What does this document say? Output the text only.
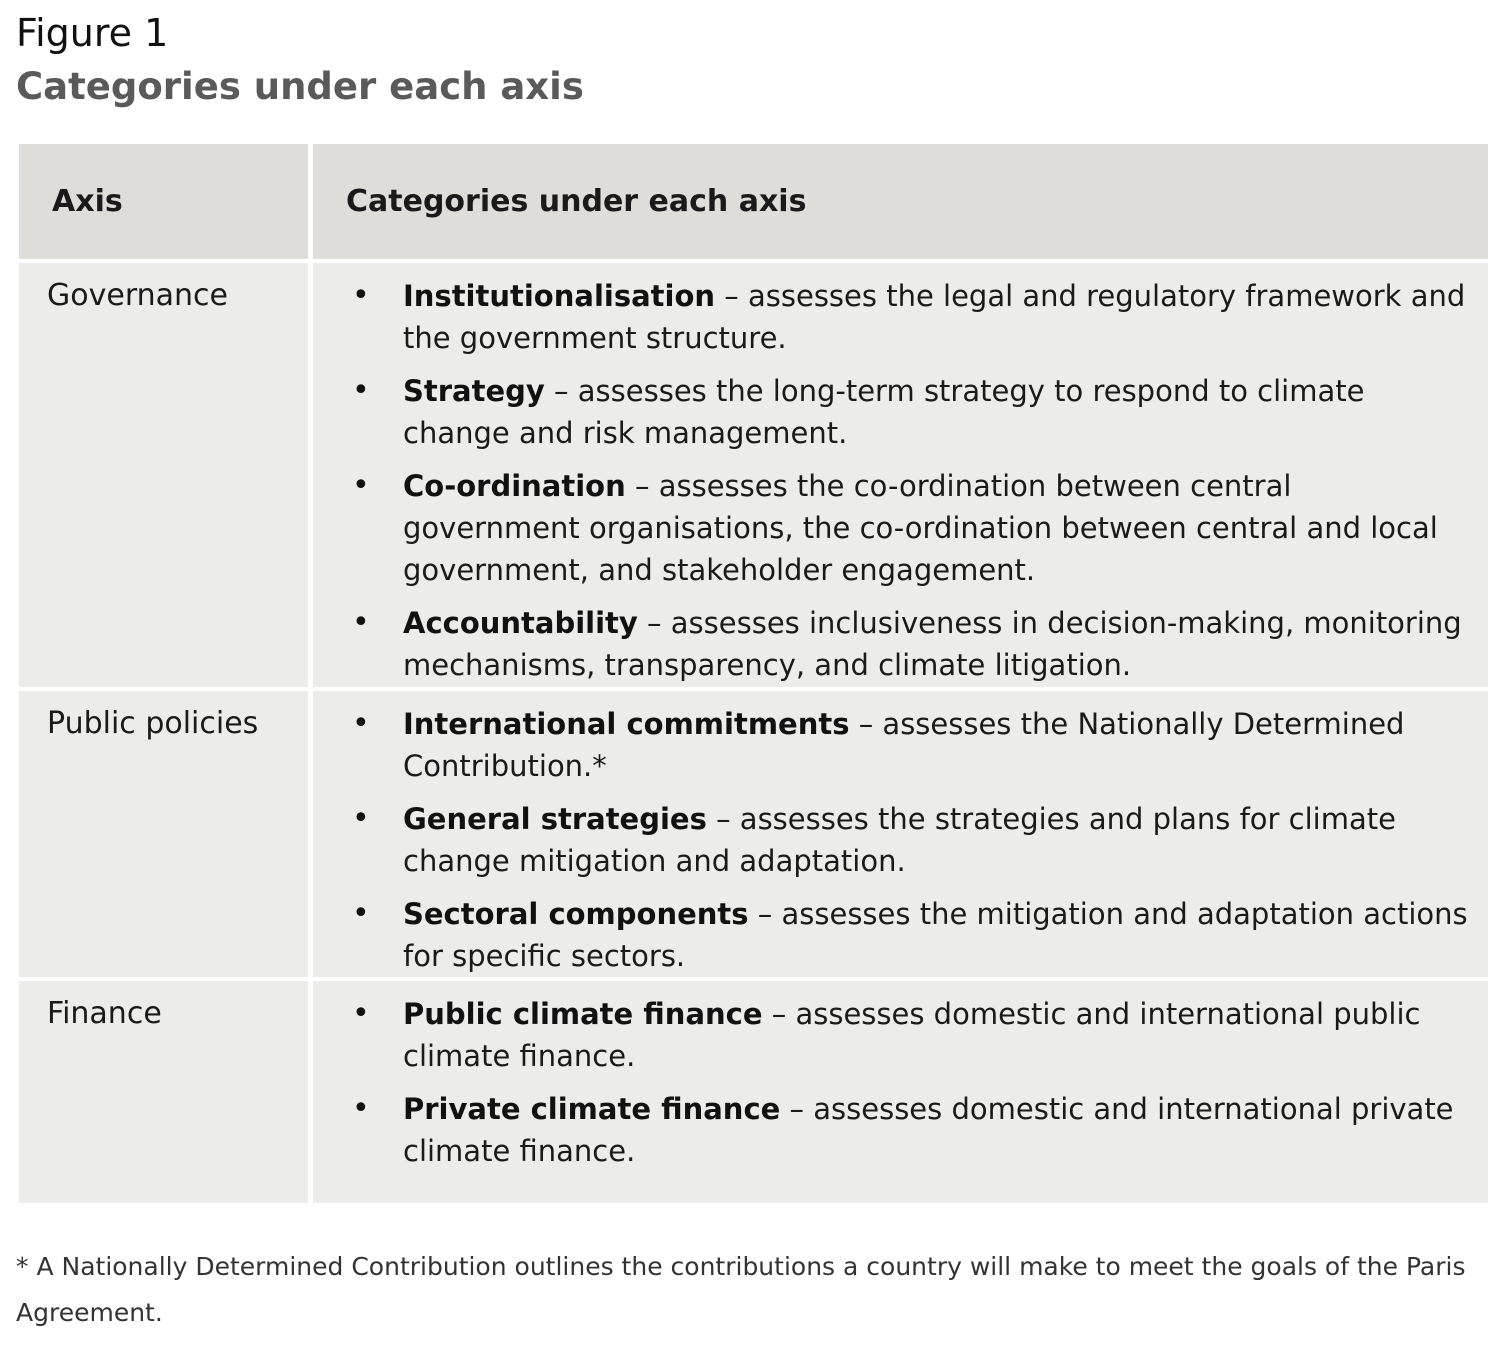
Figure 1
Categories under each axis
Axis	Categories under each axis
Governance	• Institutionalisation – assesses the legal and regulatory framework and the government structure.
• Strategy – assesses the long-term strategy to respond to climate change and risk management.
• Co-ordination – assesses the co-ordination between central government organisations, the co-ordination between central and local government, and stakeholder engagement.
• Accountability – assesses inclusiveness in decision-making, monitoring mechanisms, transparency, and climate litigation.
Public policies	• International commitments – assesses the Nationally Determined Contribution.*
• General strategies – assesses the strategies and plans for climate change mitigation and adaptation.
• Sectoral components – assesses the mitigation and adaptation actions for specific sectors.
Finance	• Public climate finance – assesses domestic and international public climate finance.
• Private climate finance – assesses domestic and international private climate finance.

* A Nationally Determined Contribution outlines the contributions a country will make to meet the goals of the Paris Agreement.
